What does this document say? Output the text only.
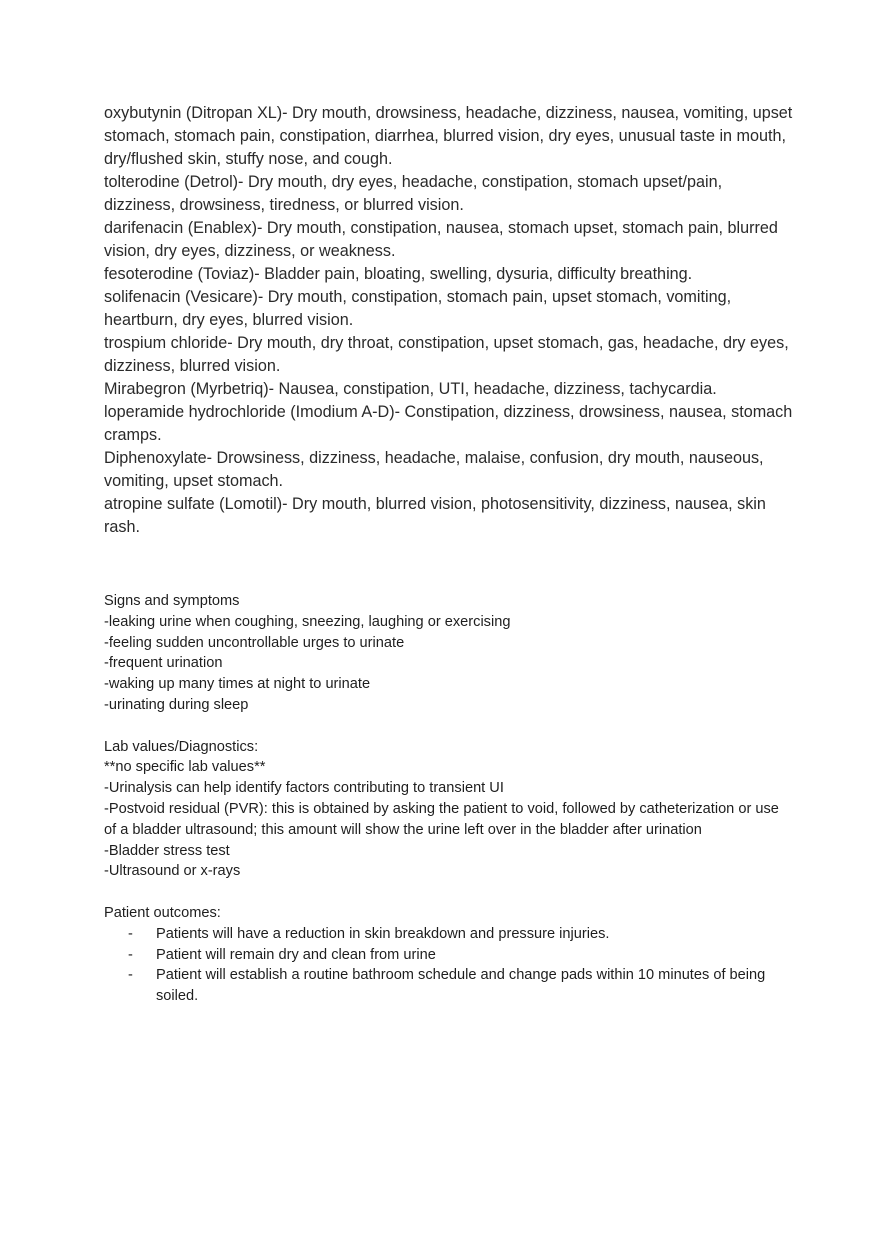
oxybutynin (Ditropan XL)- Dry mouth, drowsiness, headache, dizziness, nausea, vomiting, upset stomach, stomach pain, constipation, diarrhea, blurred vision, dry eyes, unusual taste in mouth, dry/flushed skin, stuffy nose, and cough.

tolterodine (Detrol)- Dry mouth, dry eyes, headache, constipation, stomach upset/pain, dizziness, drowsiness, tiredness, or blurred vision.

darifenacin (Enablex)- Dry mouth, constipation, nausea, stomach upset, stomach pain, blurred vision, dry eyes, dizziness, or weakness.

fesoterodine (Toviaz)- Bladder pain, bloating, swelling, dysuria, difficulty breathing.

solifenacin (Vesicare)- Dry mouth, constipation, stomach pain, upset stomach, vomiting, heartburn, dry eyes, blurred vision.

trospium chloride- Dry mouth, dry throat, constipation, upset stomach, gas, headache, dry eyes, dizziness, blurred vision.

Mirabegron (Myrbetriq)- Nausea, constipation, UTI, headache, dizziness, tachycardia.

loperamide hydrochloride (Imodium A-D)- Constipation, dizziness, drowsiness, nausea, stomach cramps.

Diphenoxylate- Drowsiness, dizziness, headache, malaise, confusion, dry mouth, nauseous, vomiting, upset stomach.

atropine sulfate (Lomotil)- Dry mouth, blurred vision, photosensitivity, dizziness, nausea, skin rash.

Signs and symptoms

-leaking urine when coughing, sneezing, laughing or exercising

-feeling sudden uncontrollable urges to urinate

-frequent urination

-waking up many times at night to urinate

-urinating during sleep

Lab values/Diagnostics:

**no specific lab values**

-Urinalysis can help identify factors contributing to transient UI

-Postvoid residual (PVR): this is obtained by asking the patient to void, followed by catheterization or use of a bladder ultrasound; this amount will show the urine left over in the bladder after urination

-Bladder stress test

-Ultrasound or x-rays

Patient outcomes:

- Patients will have a reduction in skin breakdown and pressure injuries.
- Patient will remain dry and clean from urine
- Patient will establish a routine bathroom schedule and change pads within 10 minutes of being soiled.
